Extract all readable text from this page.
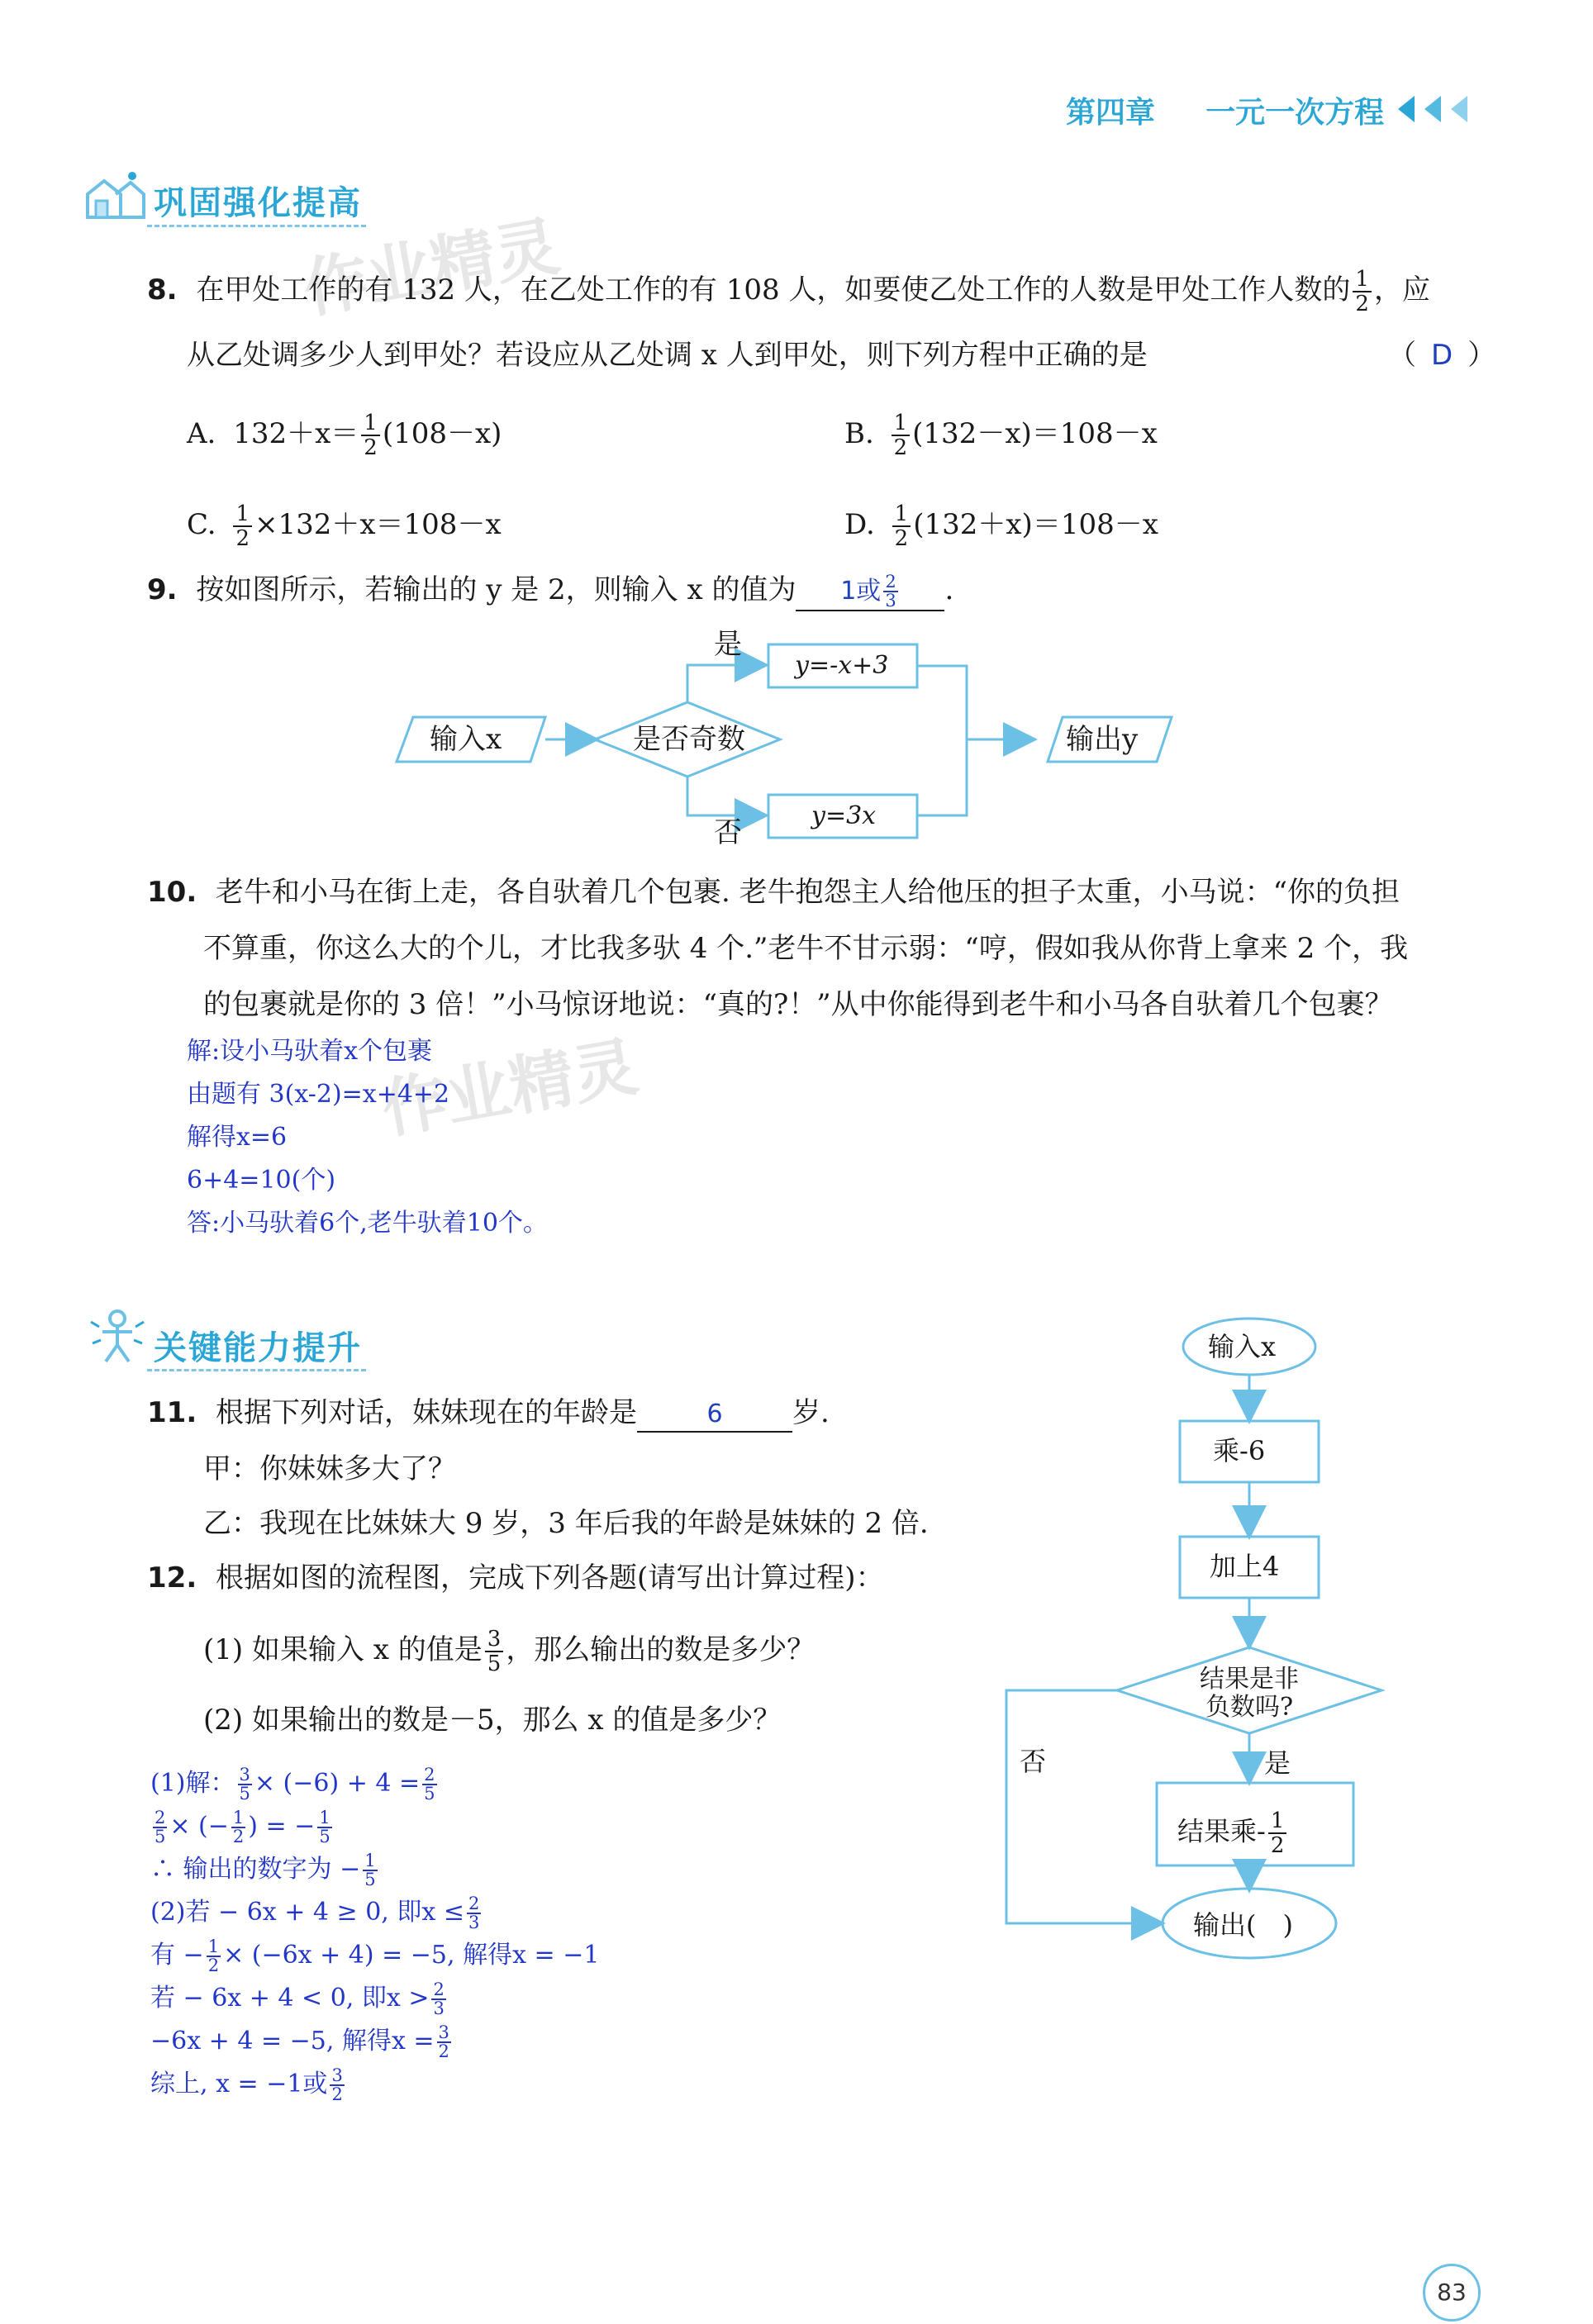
第四章 一元一次方程
作业精灵
作业精灵
巩固强化提高
8. 在甲处工作的有 132 人，在乙处工作的有 108 人，如要使乙处工作的人数是甲处工作人数的 $\frac{1}{2}$ ，应
从乙处调多少人到甲处？若设应从乙处调 x 人到甲处，则下列方程中正确的是	（ D ）
A. $132+x= \frac{1}{2} (108-x)$	B. $\frac{1}{2} (132-x)=108-x$
C. $\frac{1}{2} \times 132+x=108-x$	D. $\frac{1}{2} (132+x)=108-x$
9. 按如图所示，若输出的 y 是 2，则输入 x 的值为 1或 $\frac{2}{3}$ .
输入x	是否奇数
是
否
y=-x+3
y=3x
输出y
10. 老牛和小马在街上走，各自驮着几个包裹. 老牛抱怨主人给他压的担子太重，小马说：“你的负担
不算重，你这么大的个儿，才比我多驮 4 个.”老牛不甘示弱：“哼，假如我从你背上拿来 2 个，我
的包裹就是你的 3 倍！”小马惊讶地说：“真的?！”从中你能得到老牛和小马各自驮着几个包裹？
解:设小马驮着x个包裹
由题有 3(x-2)=x+4+2
解得x=6
6+4=10(个)
答:小马驮着6个,老牛驮着10个。
关键能力提升
11. 根据下列对话，妹妹现在的年龄是	6 岁.
甲：你妹妹多大了？
乙：我现在比妹妹大 9 岁，3 年后我的年龄是妹妹的 2 倍.
12. 根据如图的流程图，完成下列各题(请写出计算过程)：
(1) 如果输入 x 的值是 $\frac{3}{5}$ ，那么输出的数是多少？
(2) 如果输出的数是－5，那么 x 的值是多少？
(1)解： $\frac{3}{5} \times (-6) + 4 = \frac{2}{5}$
$\frac{2}{5}$ × (− $\frac{1}{2}$ ) = − $\frac{1}{5}$
∴ 输出的数字为 − $\frac{1}{5}$
(2)若 − 6x + 4 ≥ 0, 即$x \le \frac{2}{3}$
有 − $\frac{1}{2} \times (-6x + 4) = -5$, 解得x = −1
若 − 6x + 4 < 0, 即$x > \frac{2}{3}$
−6x + 4 = −5, 解得$x = \frac{3}{2}$
综上, x = −1或 $\frac{3}{2}$
输入x
乘-6
加上4
结果是非
负数吗?
是
否
结果乘- $\frac{1}{2}$
输出(　)
83
